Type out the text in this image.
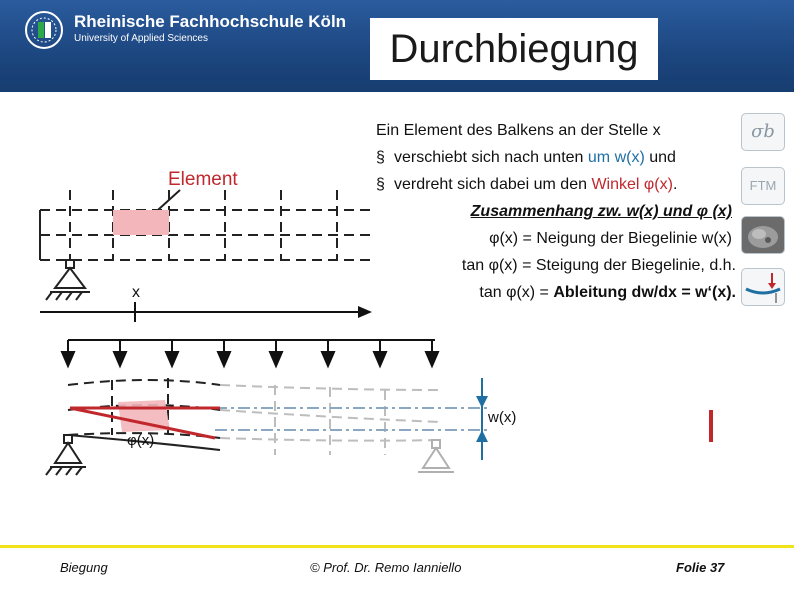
Rheinische Fachhochschule Köln
University of Applied Sciences	Durchbiegung
Element
x
w(x)
φ(x)
Ein Element des Balkens an der Stelle x
§ verschiebt sich nach unten um w(x) und
§ verdreht sich dabei um den Winkel φ(x).
Zusammenhang zw. w(x) und φ (x)
φ(x) = Neigung der Biegelinie w(x)
tan φ(x) = Steigung der Biegelinie, d.h.
tan φ(x) = Ableitung dw/dx = w‘(x).
σb
FTM
Biegung	© Prof. Dr. Remo Ianniello	Folie 37
